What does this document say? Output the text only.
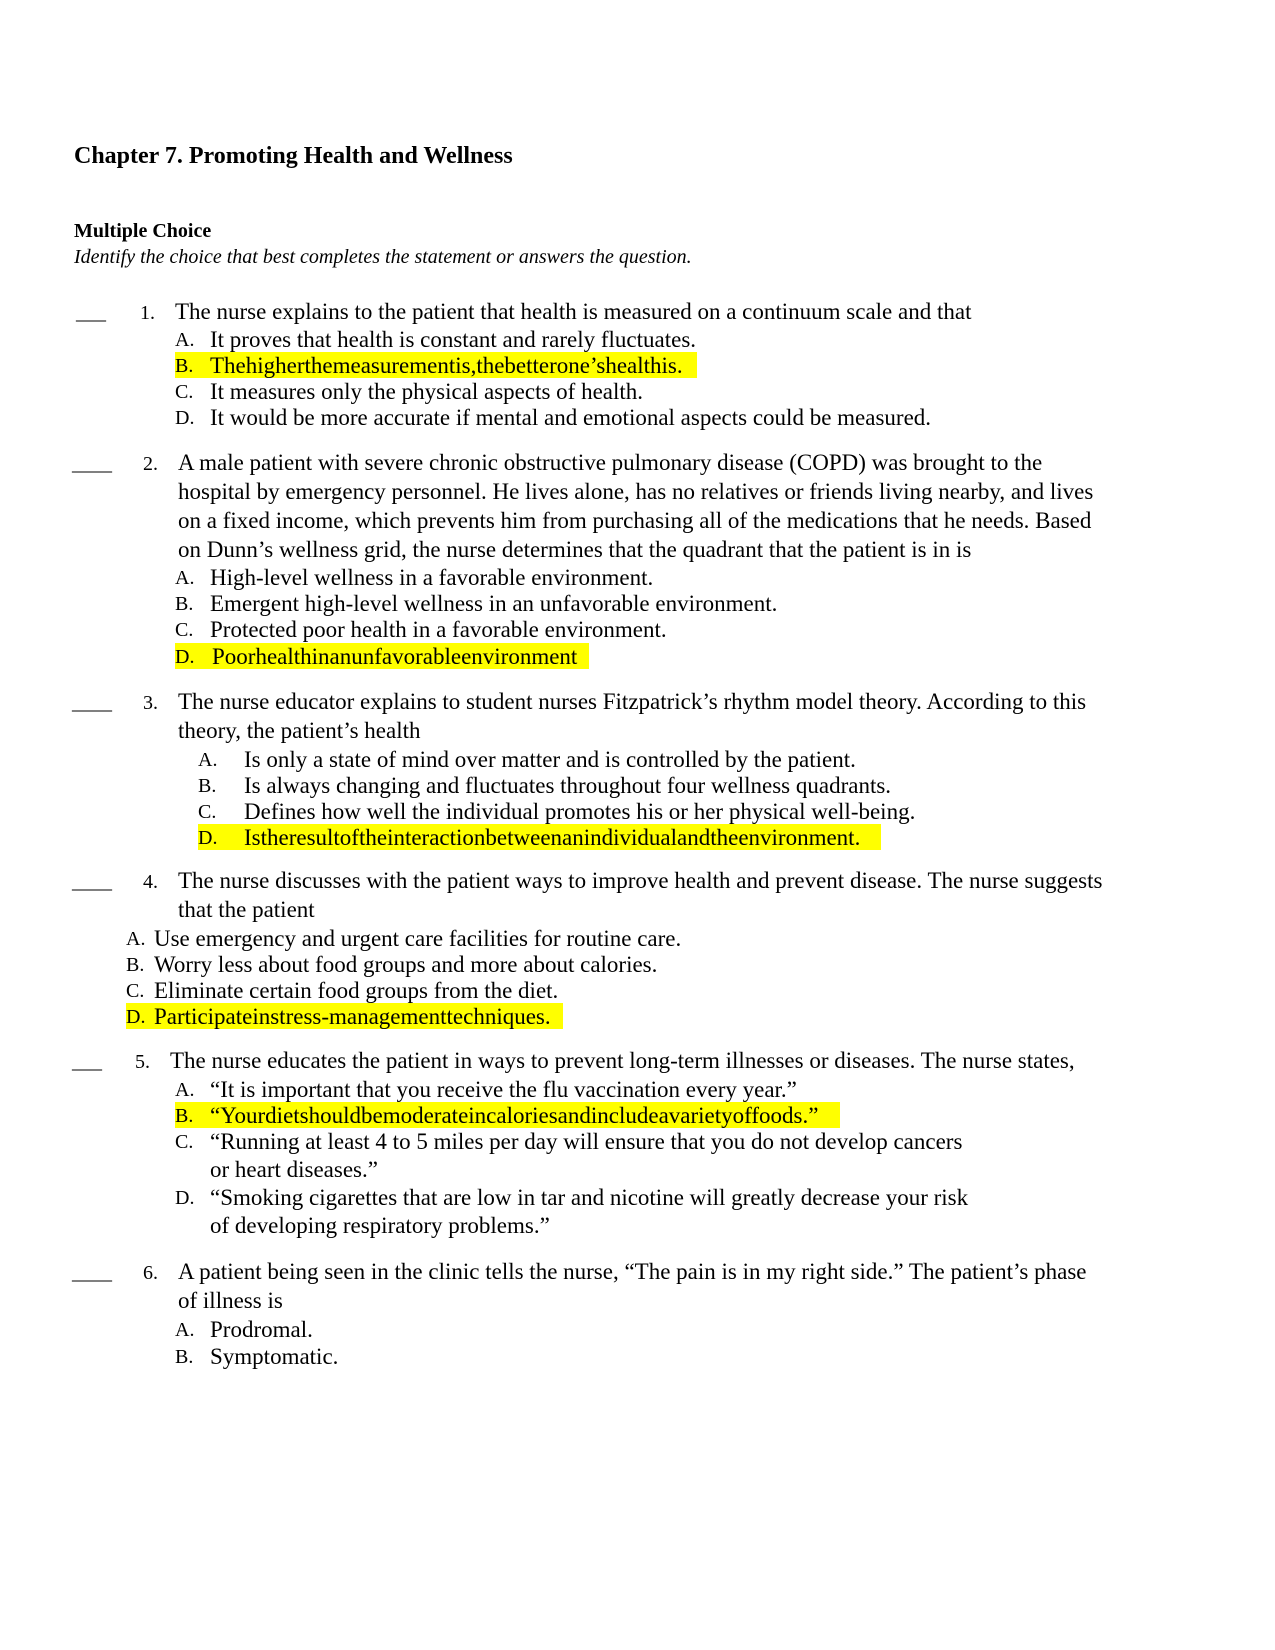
Chapter 7. Promoting Health and Wellness
Multiple Choice
Identify the choice that best completes the statement or answers the question.
___ 1. The nurse explains to the patient that health is measured on a continuum scale and that
A. It proves that health is constant and rarely fluctuates.
B. Thehigherthemeasurementis,thebetterone’shealthis.
C. It measures only the physical aspects of health.
D. It would be more accurate if mental and emotional aspects could be measured.
____ 2. A male patient with severe chronic obstructive pulmonary disease (COPD) was brought to the
hospital by emergency personnel. He lives alone, has no relatives or friends living nearby, and lives
on a fixed income, which prevents him from purchasing all of the medications that he needs. Based
on Dunn’s wellness grid, the nurse determines that the quadrant that the patient is in is
A. High-level wellness in a favorable environment.
B. Emergent high-level wellness in an unfavorable environment.
C. Protected poor health in a favorable environment.
D. Poorhealthinanunfavorableenvironment
____ 3. The nurse educator explains to student nurses Fitzpatrick’s rhythm model theory. According to this
theory, the patient’s health
A. Is only a state of mind over matter and is controlled by the patient.
B. Is always changing and fluctuates throughout four wellness quadrants.
C. Defines how well the individual promotes his or her physical well-being.
D. Istheresultoftheinteractionbetweenanindividualandtheenvironment.
____ 4. The nurse discusses with the patient ways to improve health and prevent disease. The nurse suggests
that the patient
A. Use emergency and urgent care facilities for routine care.
B. Worry less about food groups and more about calories.
C. Eliminate certain food groups from the diet.
D. Participateinstress-managementtechniques.
___ 5. The nurse educates the patient in ways to prevent long-term illnesses or diseases. The nurse states,
A. “It is important that you receive the flu vaccination every year.”
B. “Yourdietshouldbemoderateincaloriesandincludeavarietyoffoods.”
C. “Running at least 4 to 5 miles per day will ensure that you do not develop cancers
or heart diseases.”
D. “Smoking cigarettes that are low in tar and nicotine will greatly decrease your risk
of developing respiratory problems.”
____ 6. A patient being seen in the clinic tells the nurse, “The pain is in my right side.” The patient’s phase
of illness is
A. Prodromal.
B. Symptomatic.
